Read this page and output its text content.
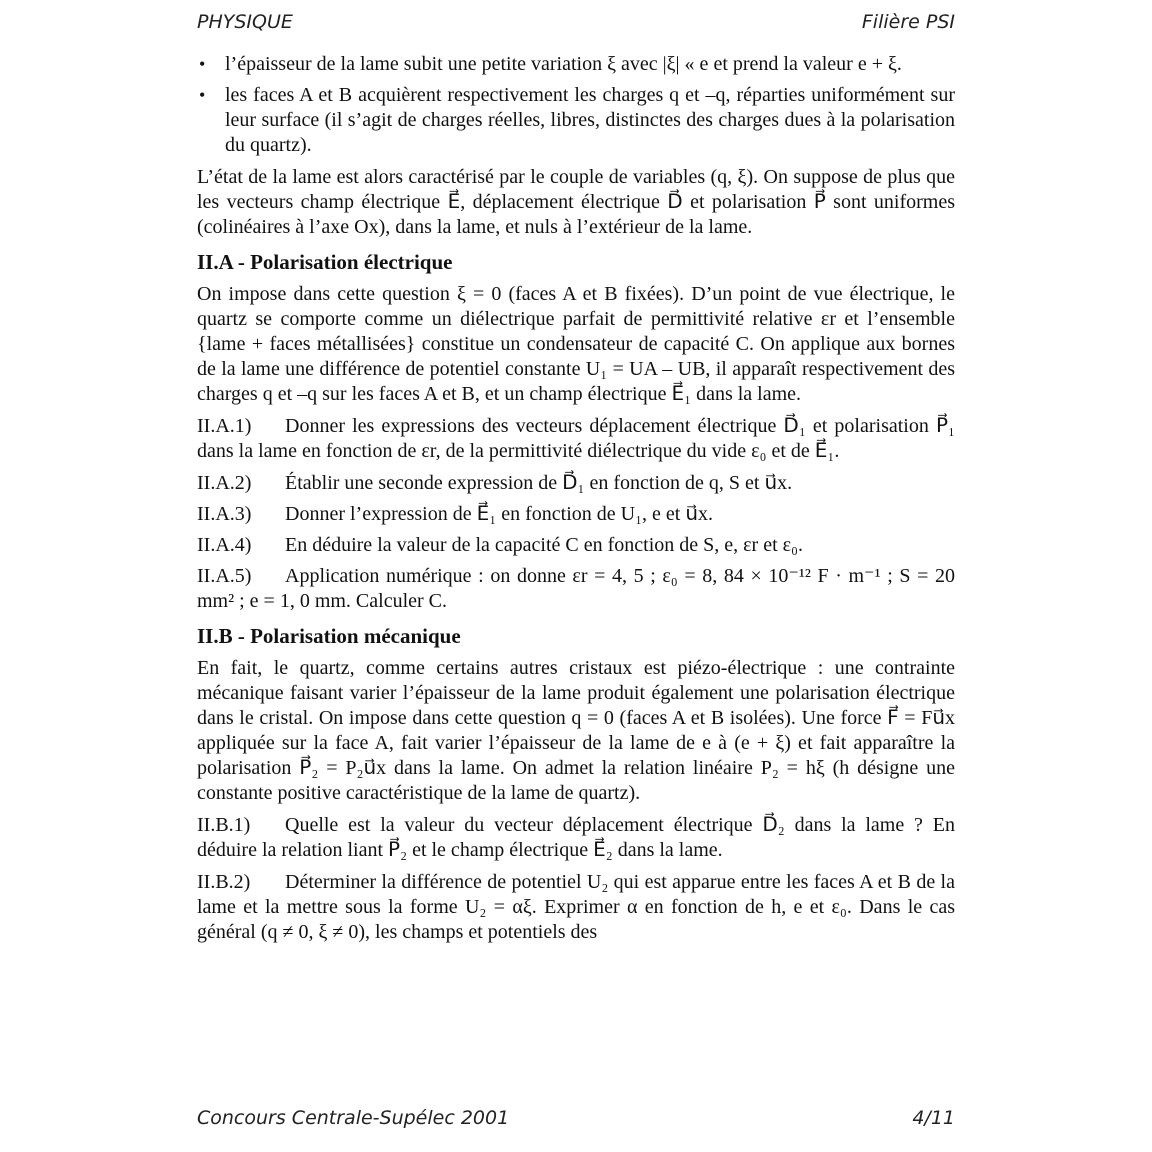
PHYSIQUE	Filière PSI
• l’épaisseur de la lame subit une petite variation ξ avec |ξ| « e et prend la valeur e + ξ.
• les faces A et B acquièrent respectivement les charges q et –q, réparties uniformément sur leur surface (il s’agit de charges réelles, libres, distinctes des charges dues à la polarisation du quartz).

L’état de la lame est alors caractérisé par le couple de variables (q, ξ). On suppose de plus que les vecteurs champ électrique E⃗, déplacement électrique D⃗ et polarisation P⃗ sont uniformes (colinéaires à l’axe Ox), dans la lame, et nuls à l’extérieur de la lame.

II.A - Polarisation électrique

On impose dans cette question ξ = 0 (faces A et B fixées). D’un point de vue électrique, le quartz se comporte comme un diélectrique parfait de permittivité relative εr et l’ensemble {lame + faces métallisées} constitue un condensateur de capacité C. On applique aux bornes de la lame une différence de potentiel constante U₁ = UA – UB, il apparaît respectivement des charges q et –q sur les faces A et B, et un champ électrique E⃗₁ dans la lame.

II.A.1) Donner les expressions des vecteurs déplacement électrique D⃗₁ et polarisation P⃗₁ dans la lame en fonction de εr, de la permittivité diélectrique du vide ε₀ et de E⃗₁.
II.A.2)	Établir une seconde expression de D⃗₁ en fonction de q, S et u⃗x.
II.A.3)	Donner l’expression de E⃗₁ en fonction de U₁, e et u⃗x.
II.A.4)	En déduire la valeur de la capacité C en fonction de S, e, εr et ε₀.
II.A.5) Application numérique : on donne εr = 4, 5 ; ε₀ = 8, 84 × 10⁻¹² F · m⁻¹ ; S = 20 mm² ; e = 1, 0 mm. Calculer C.
II.B - Polarisation mécanique

En fait, le quartz, comme certains autres cristaux est piézo-électrique : une contrainte mécanique faisant varier l’épaisseur de la lame produit également une polarisation électrique dans le cristal. On impose dans cette question q = 0 (faces A et B isolées). Une force F⃗ = Fu⃗x appliquée sur la face A, fait varier l’épaisseur de la lame de e à (e + ξ) et fait apparaître la polarisation P⃗₂ = P₂u⃗x dans la lame. On admet la relation linéaire P₂ = hξ (h désigne une constante positive caractéristique de la lame de quartz).

II.B.1) Quelle est la valeur du vecteur déplacement électrique D⃗₂ dans la lame ? En déduire la relation liant P⃗₂ et le champ électrique E⃗₂ dans la lame.
II.B.2) Déterminer la différence de potentiel U₂ qui est apparue entre les faces A et B de la lame et la mettre sous la forme U₂ = αξ. Exprimer α en fonction de h, e et ε₀. Dans le cas général (q ≠ 0, ξ ≠ 0), les champs et potentiels des
Concours Centrale-Supélec 2001	4/11
